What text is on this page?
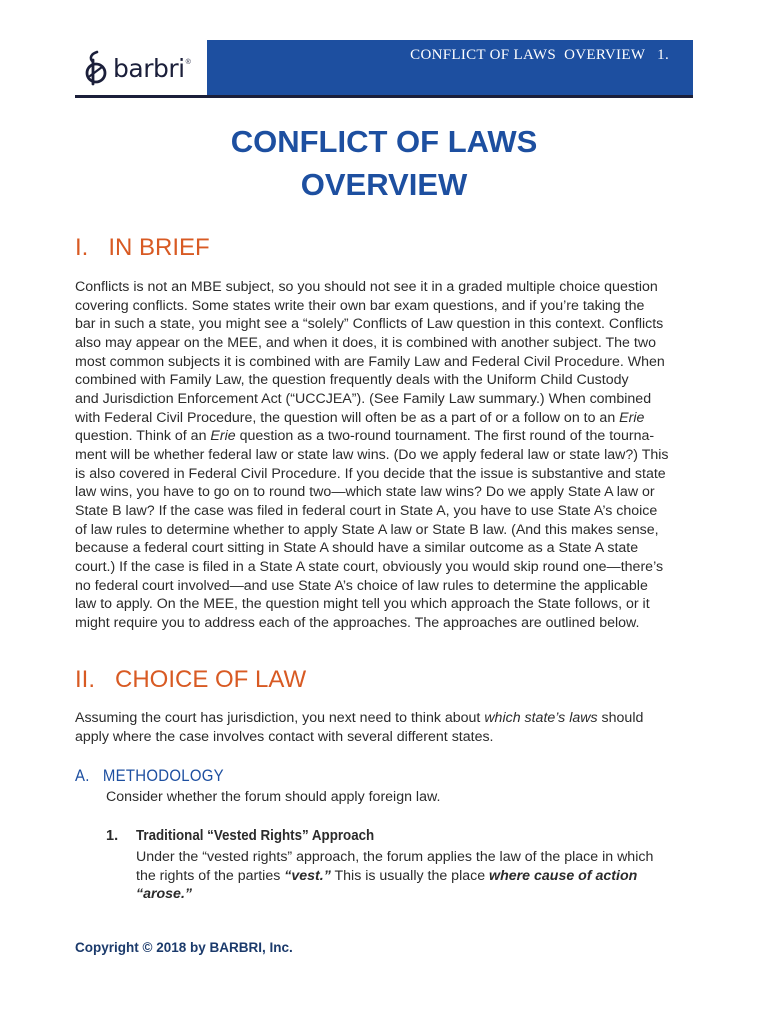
barbri ®	CONFLICT OF LAWS  OVERVIEW   1.
CONFLICT OF LAWS
OVERVIEW
I.   IN BRIEF
Conflicts is not an MBE subject, so you should not see it in a graded multiple choice question
covering conflicts. Some states write their own bar exam questions, and if you’re taking the
bar in such a state, you might see a “solely” Conflicts of Law question in this context. Conflicts
also may appear on the MEE, and when it does, it is combined with another subject. The two
most common subjects it is combined with are Family Law and Federal Civil Procedure. When
combined with Family Law, the question frequently deals with the Uniform Child Custody
and Jurisdiction Enforcement Act (“UCCJEA”). (See Family Law summary.) When combined
with Federal Civil Procedure, the question will often be as a part of or a follow on to an Erie
question. Think of an Erie question as a two-round tournament. The first round of the tourna-
ment will be whether federal law or state law wins. (Do we apply federal law or state law?) This
is also covered in Federal Civil Procedure. If you decide that the issue is substantive and state
law wins, you have to go on to round two—which state law wins? Do we apply State A law or
State B law? If the case was filed in federal court in State A, you have to use State A’s choice
of law rules to determine whether to apply State A law or State B law. (And this makes sense,
because a federal court sitting in State A should have a similar outcome as a State A state
court.) If the case is filed in a State A state court, obviously you would skip round one—there’s
no federal court involved—and use State A’s choice of law rules to determine the applicable
law to apply. On the MEE, the question might tell you which approach the State follows, or it
might require you to address each of the approaches. The approaches are outlined below.
II.   CHOICE OF LAW
Assuming the court has jurisdiction, you next need to think about which state’s laws should
apply where the case involves contact with several different states.
A.   METHODOLOGY
Consider whether the forum should apply foreign law.
1. Traditional “Vested Rights” Approach
Under the “vested rights” approach, the forum applies the law of the place in which
the rights of the parties “vest.” This is usually the place where cause of action
“arose.”
Copyright © 2018 by BARBRI, Inc.
